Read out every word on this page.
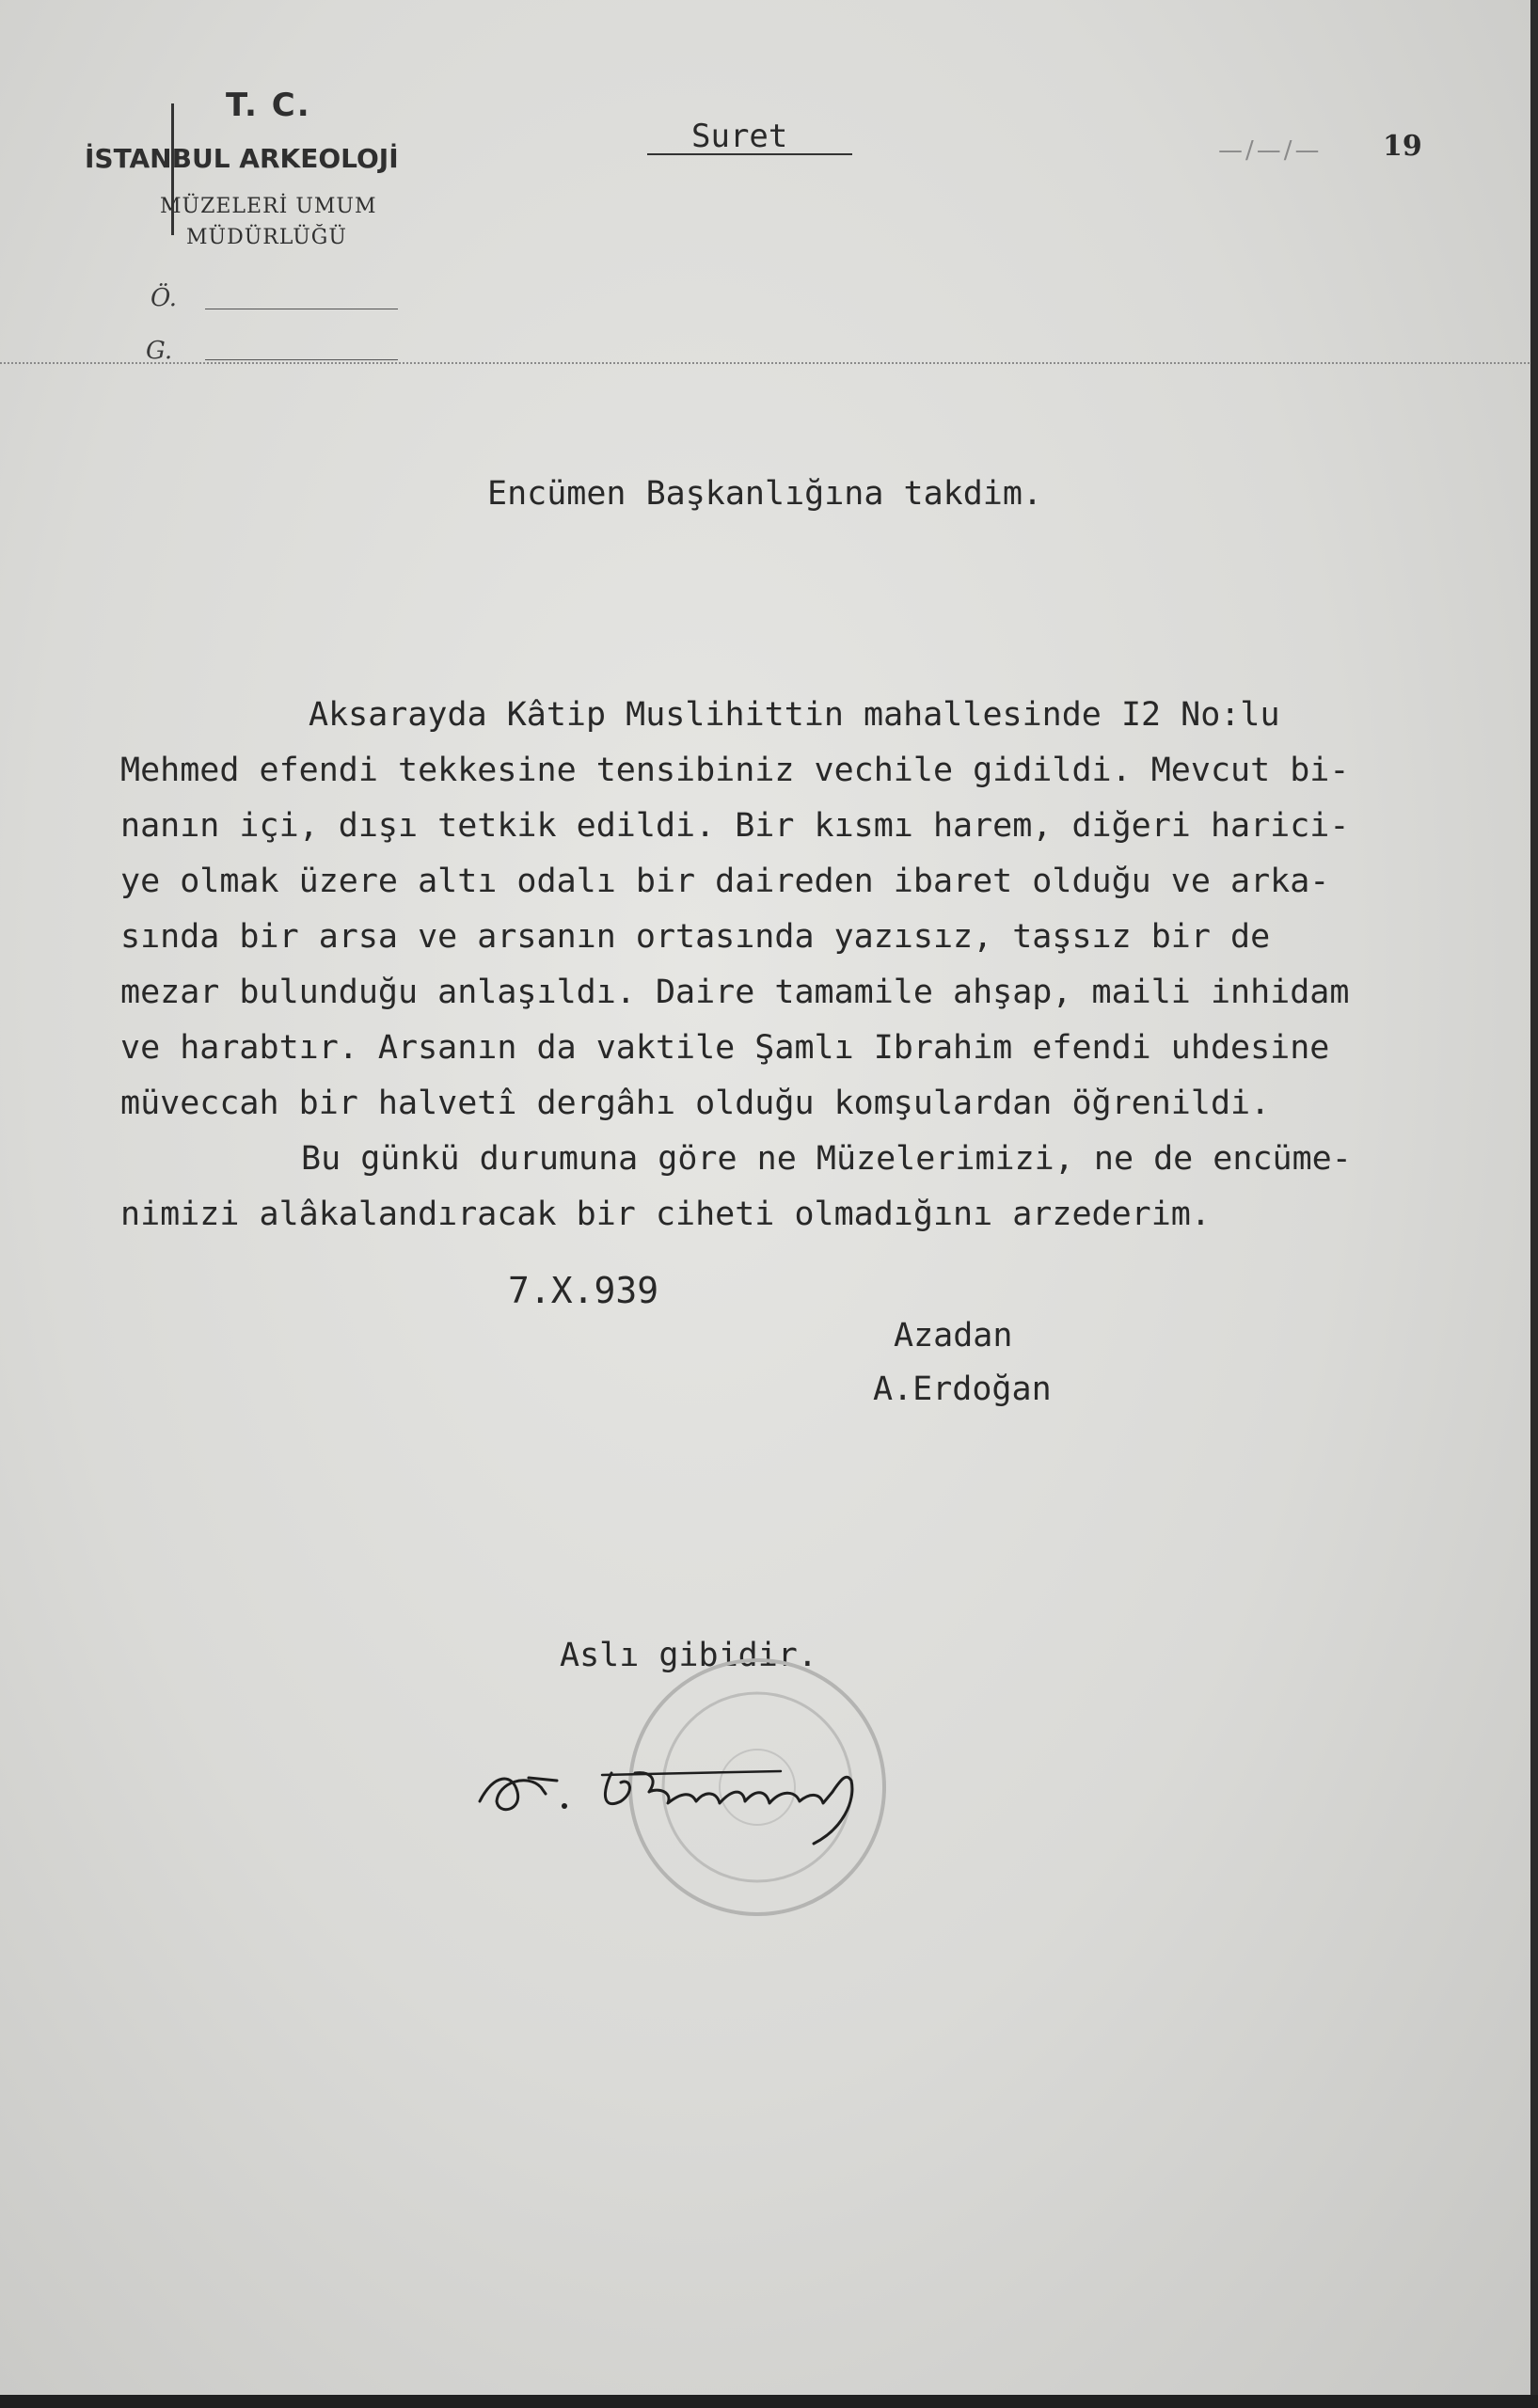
T. C.
İSTANBUL ARKEOLOJİ
MÜZELERİ UMUM
MÜDÜRLÜĞÜ
Ö.
G.
Suret	—/—/— 19
Encümen Başkanlığına takdim.
Aksarayda Kâtip Muslihittin mahallesinde I2 No:lu
Mehmed efendi tekkesine tensibiniz vechile gidildi. Mevcut bi-
nanın içi, dışı tetkik edildi. Bir kısmı harem, diğeri harici-
ye olmak üzere altı odalı bir daireden ibaret olduğu ve arka-
sında bir arsa ve arsanın ortasında yazısız, taşsız bir de
mezar bulunduğu anlaşıldı. Daire tamamile ahşap, maili inhidam
ve harabtır. Arsanın da vaktile Şamlı Ibrahim efendi uhdesine
müveccah bir halvetî dergâhı olduğu komşulardan öğrenildi.
Bu günkü durumuna göre ne Müzelerimizi, ne de encüme-
nimizi alâkalandıracak bir ciheti olmadığını arzederim.
7.X.939
Azadan
A.Erdoğan
Aslı gibidir.
